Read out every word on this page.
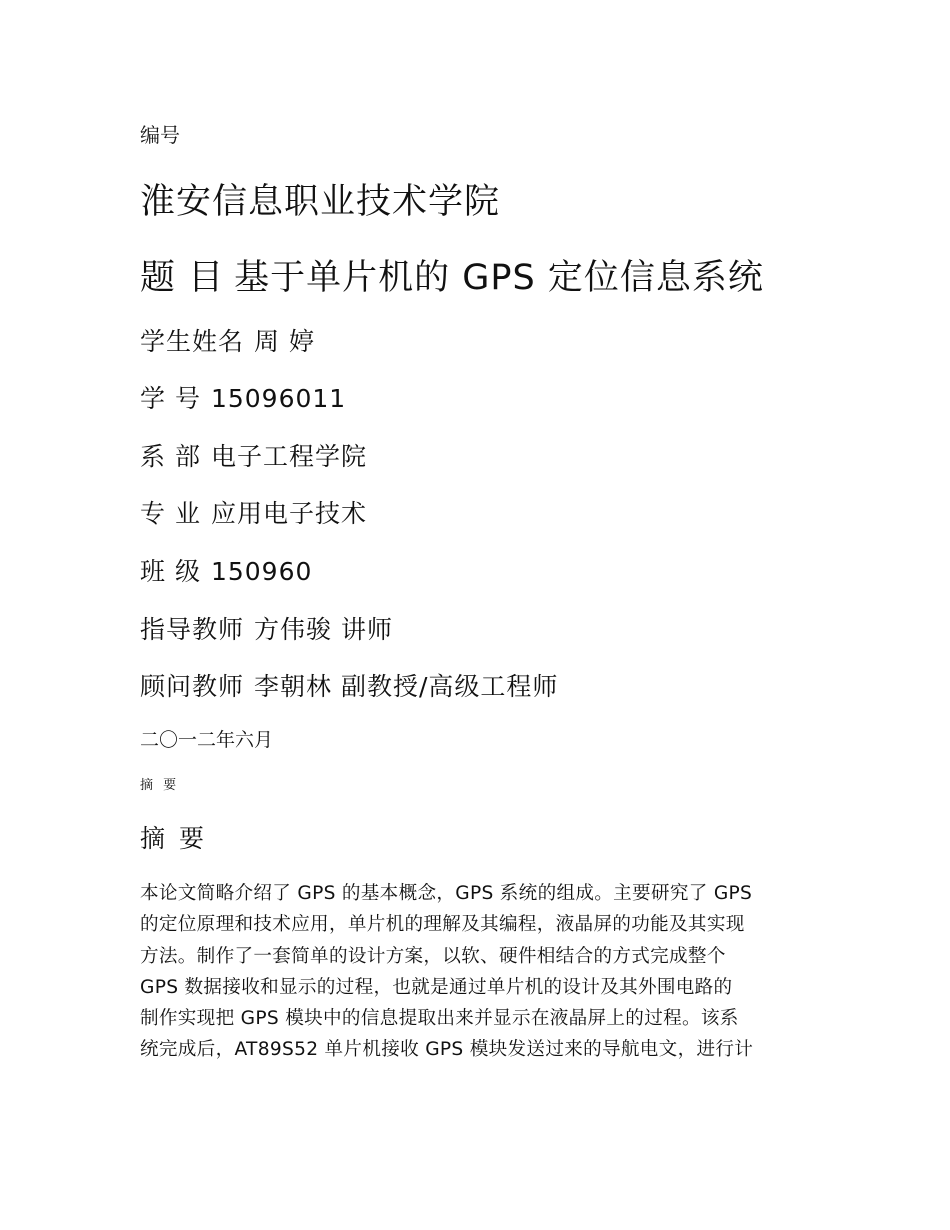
编号
淮安信息职业技术学院
题 目 基于单片机的 GPS 定位信息系统
学生姓名 周 婷
学 号 15096011
系 部 电子工程学院
专 业 应用电子技术
班 级 150960
指导教师 方伟骏 讲师
顾问教师 李朝林 副教授/高级工程师
二〇一二年六月
摘 要
摘 要

本论文简略介绍了 GPS 的基本概念，GPS 系统的组成。主要研究了 GPS

的定位原理和技术应用，单片机的理解及其编程，液晶屏的功能及其实现

方法。制作了一套简单的设计方案，以软、硬件相结合的方式完成整个

GPS 数据接收和显示的过程，也就是通过单片机的设计及其外围电路的

制作实现把 GPS 模块中的信息提取出来并显示在液晶屏上的过程。该系

统完成后，AT89S52 单片机接收 GPS 模块发送过来的导航电文，进行计
